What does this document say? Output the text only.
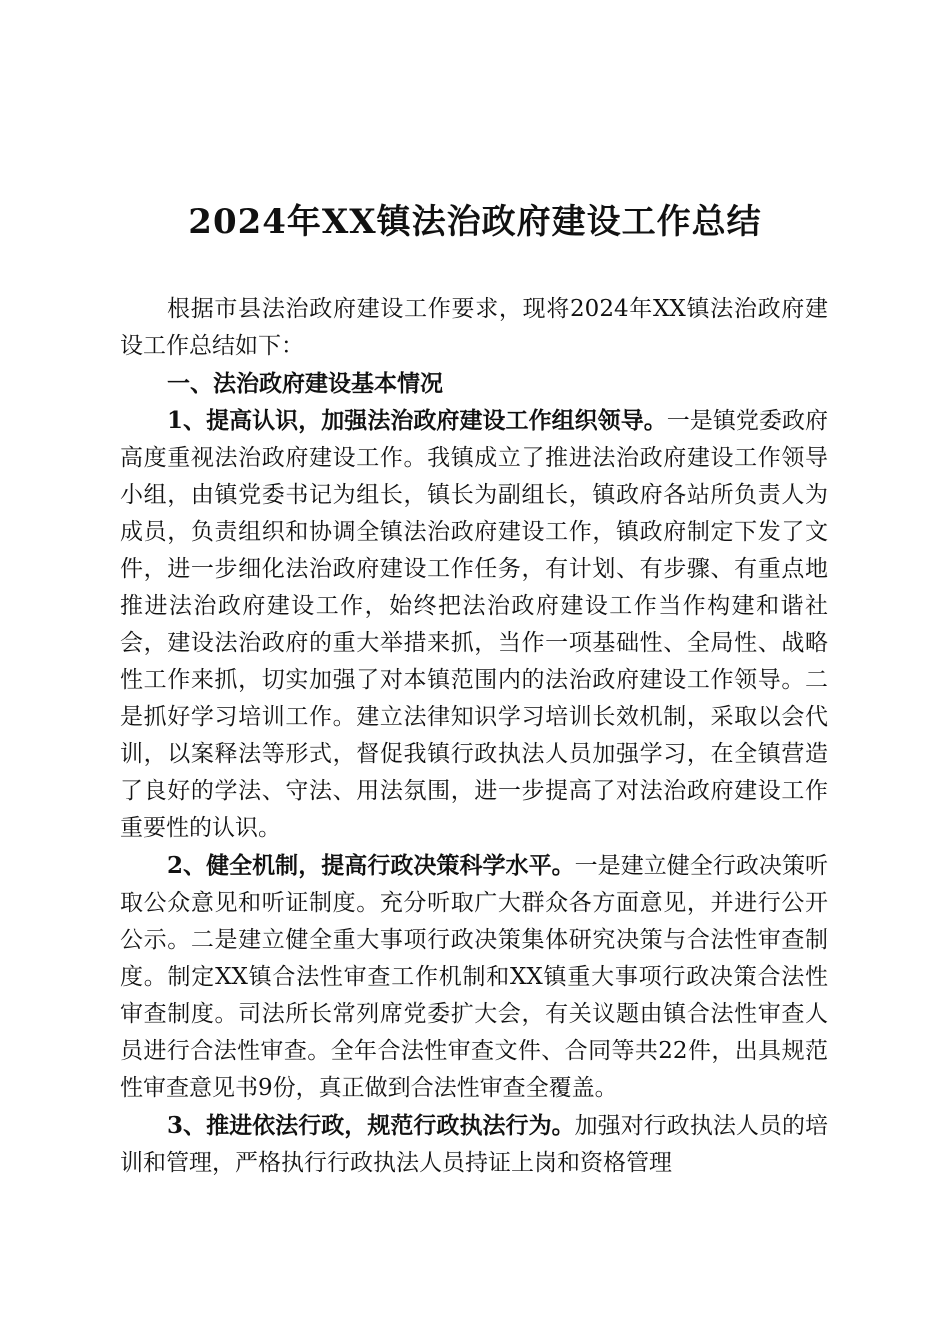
2024年XX镇法治政府建设工作总结

根据市县法治政府建设工作要求，现将2024年XX镇法治政府建设工作总结如下：

一、法治政府建设基本情况

1、提高认识，加强法治政府建设工作组织领导。一是镇党委政府高度重视法治政府建设工作。我镇成立了推进法治政府建设工作领导小组，由镇党委书记为组长，镇长为副组长，镇政府各站所负责人为成员，负责组织和协调全镇法治政府建设工作，镇政府制定下发了文件，进一步细化法治政府建设工作任务，有计划、有步骤、有重点地推进法治政府建设工作，始终把法治政府建设工作当作构建和谐社会，建设法治政府的重大举措来抓，当作一项基础性、全局性、战略性工作来抓，切实加强了对本镇范围内的法治政府建设工作领导。二是抓好学习培训工作。建立法律知识学习培训长效机制，采取以会代训，以案释法等形式，督促我镇行政执法人员加强学习，在全镇营造了良好的学法、守法、用法氛围，进一步提高了对法治政府建设工作重要性的认识。

2、健全机制，提高行政决策科学水平。一是建立健全行政决策听取公众意见和听证制度。充分听取广大群众各方面意见，并进行公开公示。二是建立健全重大事项行政决策集体研究决策与合法性审查制度。制定XX镇合法性审查工作机制和XX镇重大事项行政决策合法性审查制度。司法所长常列席党委扩大会，有关议题由镇合法性审查人员进行合法性审查。全年合法性审查文件、合同等共22件，出具规范性审查意见书9份，真正做到合法性审查全覆盖。

3、推进依法行政，规范行政执法行为。加强对行政执法人员的培训和管理，严格执行行政执法人员持证上岗和资格管理
